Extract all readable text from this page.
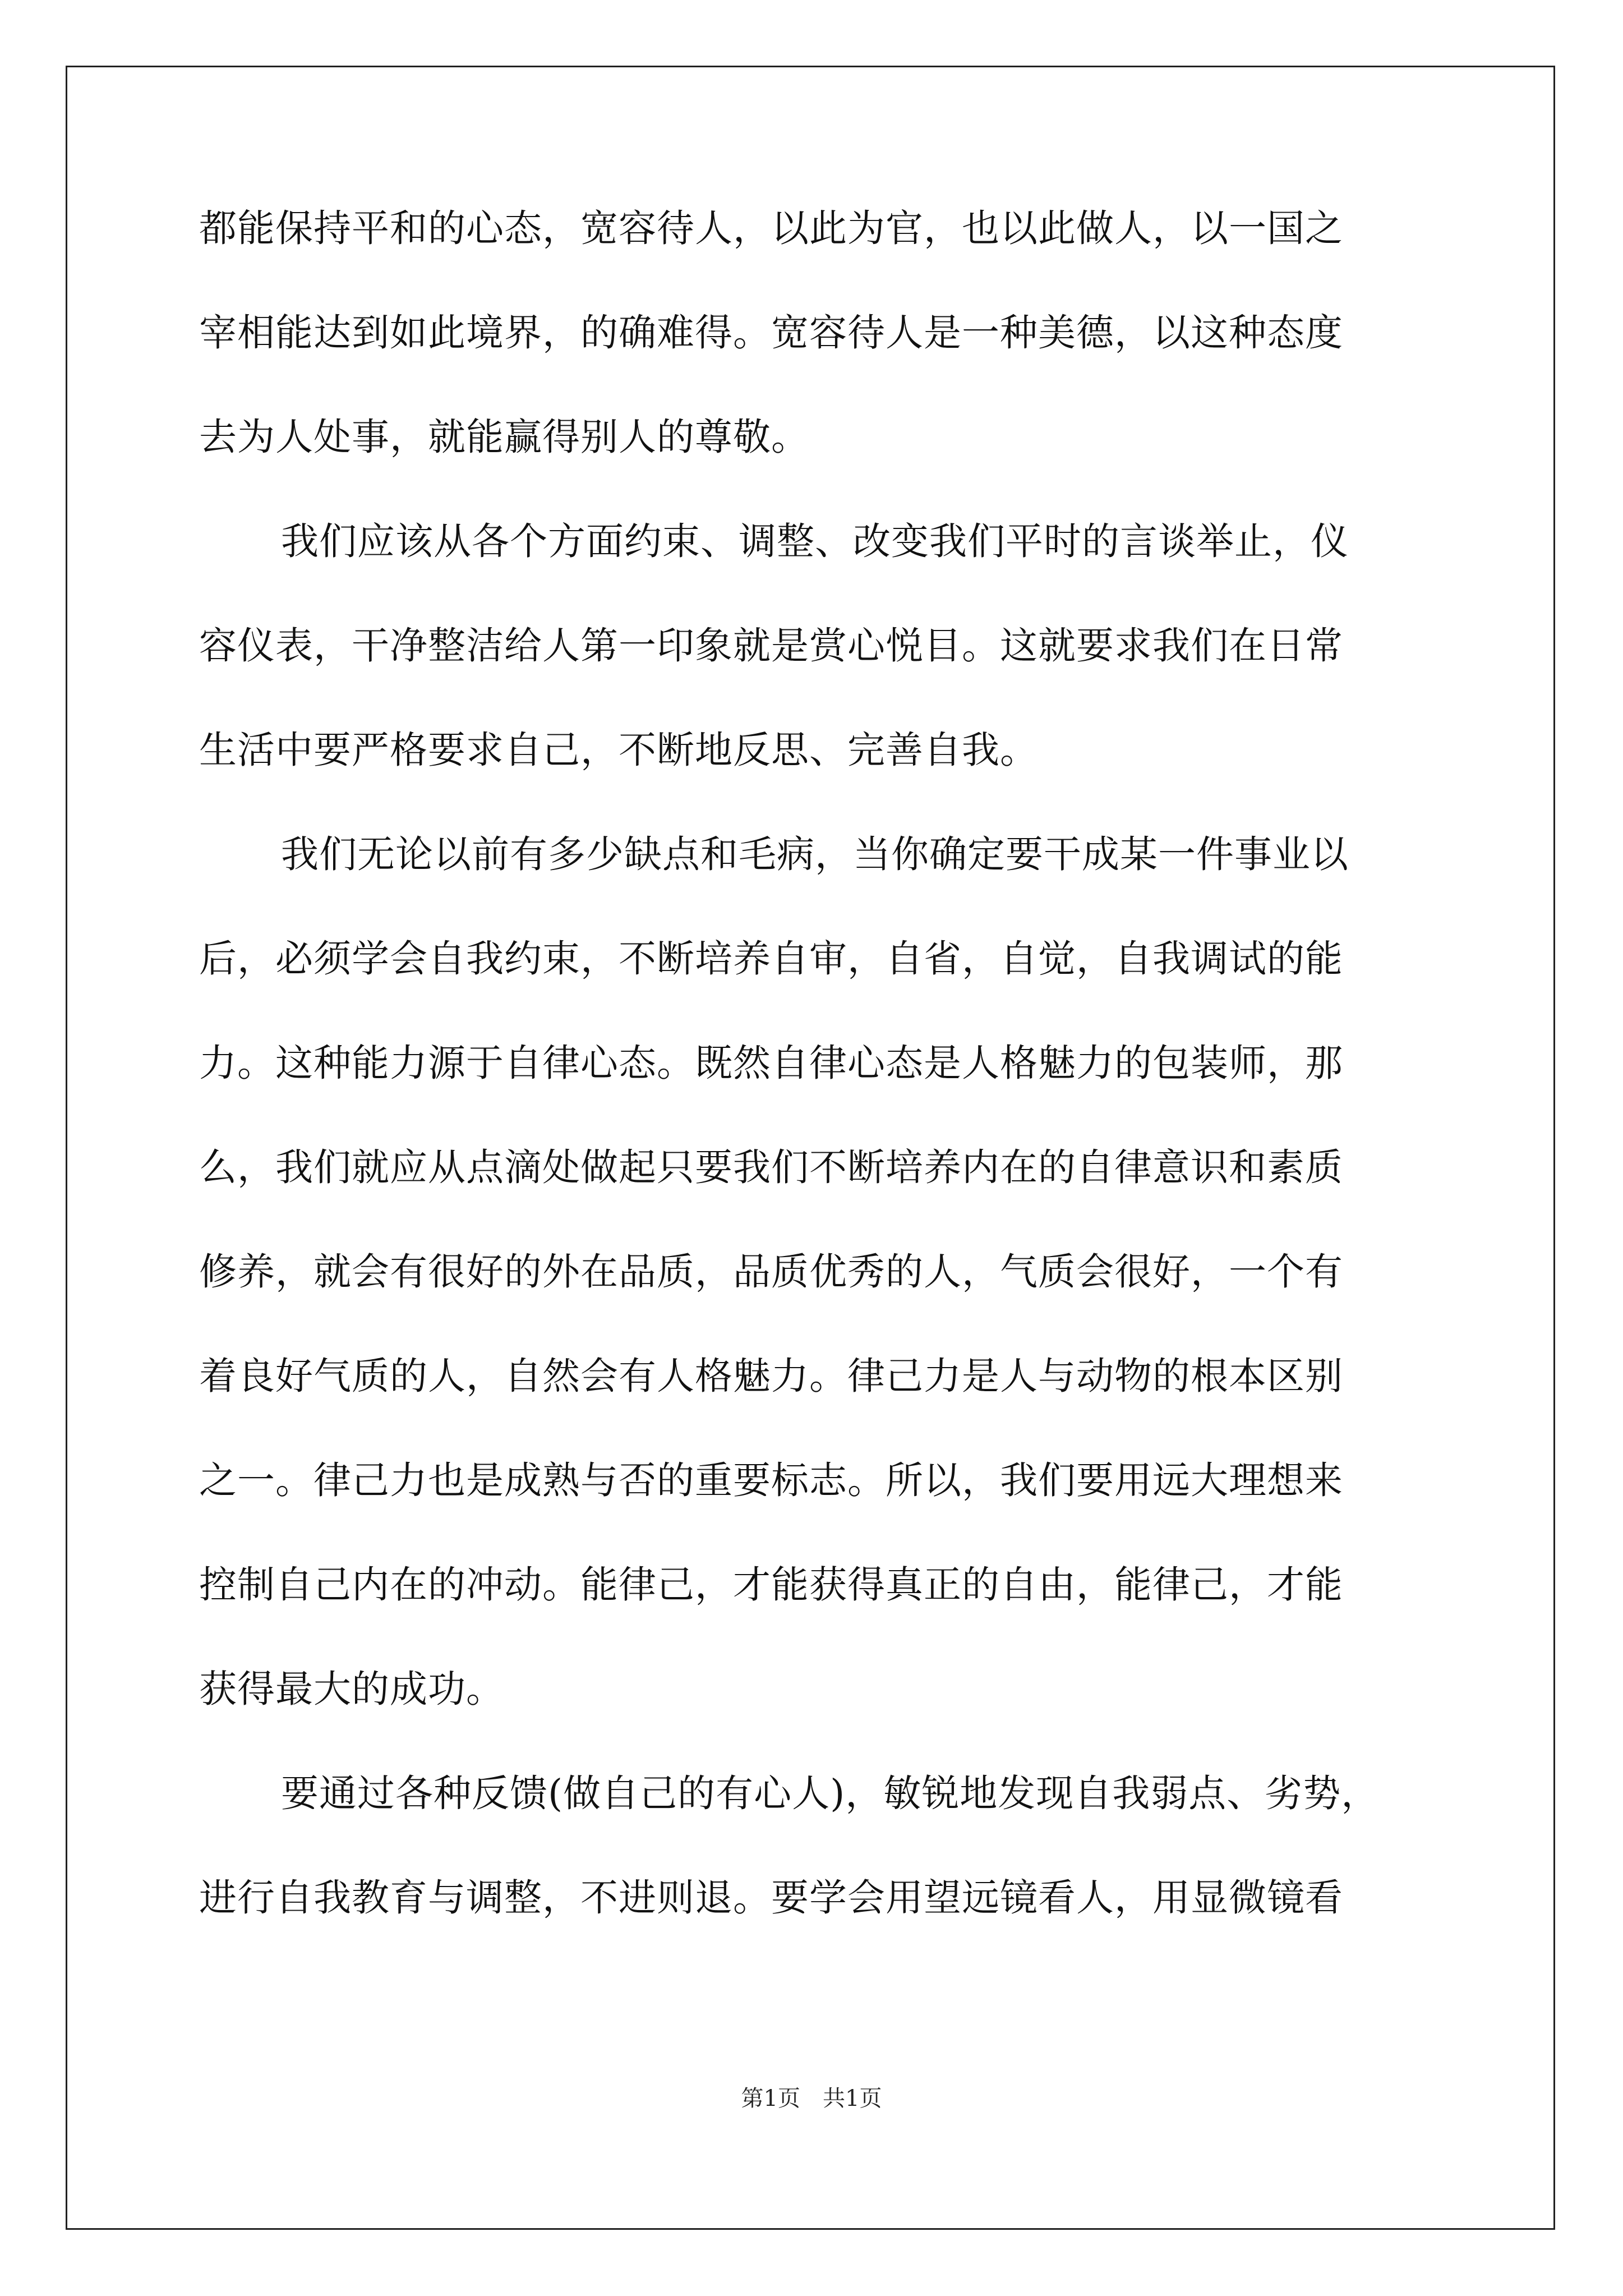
都能保持平和的心态，宽容待人，以此为官，也以此做人，以一国之

宰相能达到如此境界，的确难得。宽容待人是一种美德，以这种态度

去为人处事，就能赢得别人的尊敬。

我们应该从各个方面约束、调整、改变我们平时的言谈举止，仪

容仪表，干净整洁给人第一印象就是赏心悦目。这就要求我们在日常

生活中要严格要求自己，不断地反思、完善自我。

我们无论以前有多少缺点和毛病，当你确定要干成某一件事业以

后，必须学会自我约束，不断培养自审，自省，自觉，自我调试的能

力。这种能力源于自律心态。既然自律心态是人格魅力的包装师，那

么，我们就应从点滴处做起只要我们不断培养内在的自律意识和素质

修养，就会有很好的外在品质，品质优秀的人，气质会很好，一个有

着良好气质的人，自然会有人格魅力。律己力是人与动物的根本区别

之一。律己力也是成熟与否的重要标志。所以，我们要用远大理想来

控制自己内在的冲动。能律己，才能获得真正的自由，能律己，才能

获得最大的成功。

要通过各种反馈(做自己的有心人)，敏锐地发现自我弱点、劣势，

进行自我教育与调整，不进则退。要学会用望远镜看人，用显微镜看

第1页　共1页
